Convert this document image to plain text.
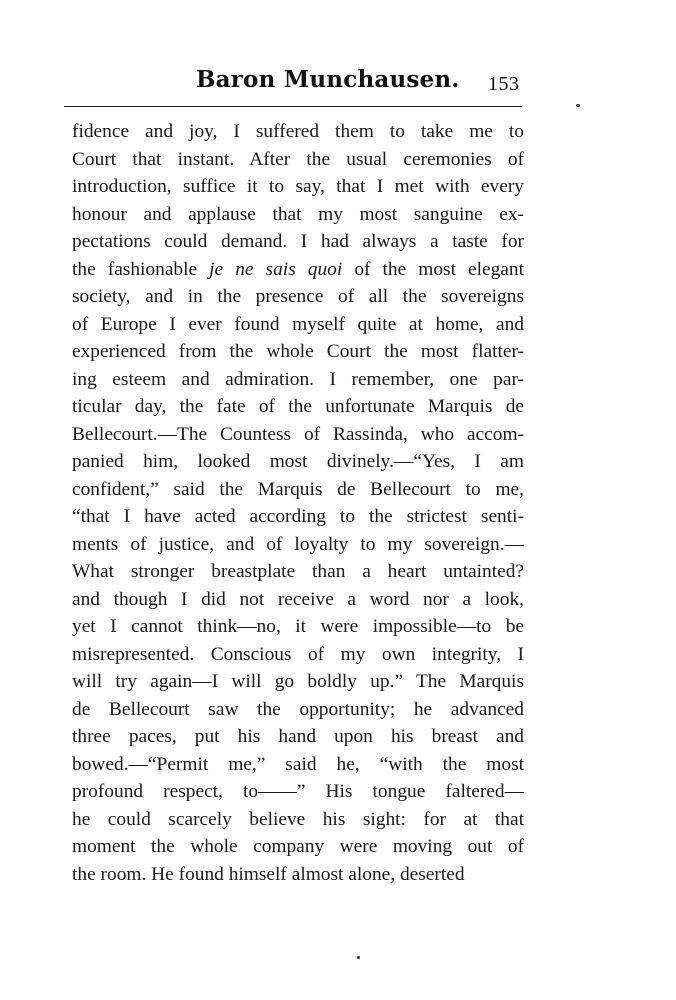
Baron Munchausen. 153
fidence and joy, I suffered them to take me to
Court that instant. After the usual ceremonies of
introduction, suffice it to say, that I met with every
honour and applause that my most sanguine ex-
pectations could demand. I had always a taste for
the fashionable je ne sais quoi of the most elegant
society, and in the presence of all the sovereigns
of Europe I ever found myself quite at home, and
experienced from the whole Court the most flatter-
ing esteem and admiration. I remember, one par-
ticular day, the fate of the unfortunate Marquis de
Bellecourt.—The Countess of Rassinda, who accom-
panied him, looked most divinely.—“Yes, I am
confident,” said the Marquis de Bellecourt to me,
“that I have acted according to the strictest senti-
ments of justice, and of loyalty to my sovereign.—
What stronger breastplate than a heart untainted?
and though I did not receive a word nor a look,
yet I cannot think—no, it were impossible—to be
misrepresented. Conscious of my own integrity, I
will try again—I will go boldly up.” The Marquis
de Bellecourt saw the opportunity; he advanced
three paces, put his hand upon his breast and
bowed.—“Permit me,” said he, “with the most
profound respect, to——” His tongue faltered—
he could scarcely believe his sight: for at that
moment the whole company were moving out of
the room. He found himself almost alone, deserted
